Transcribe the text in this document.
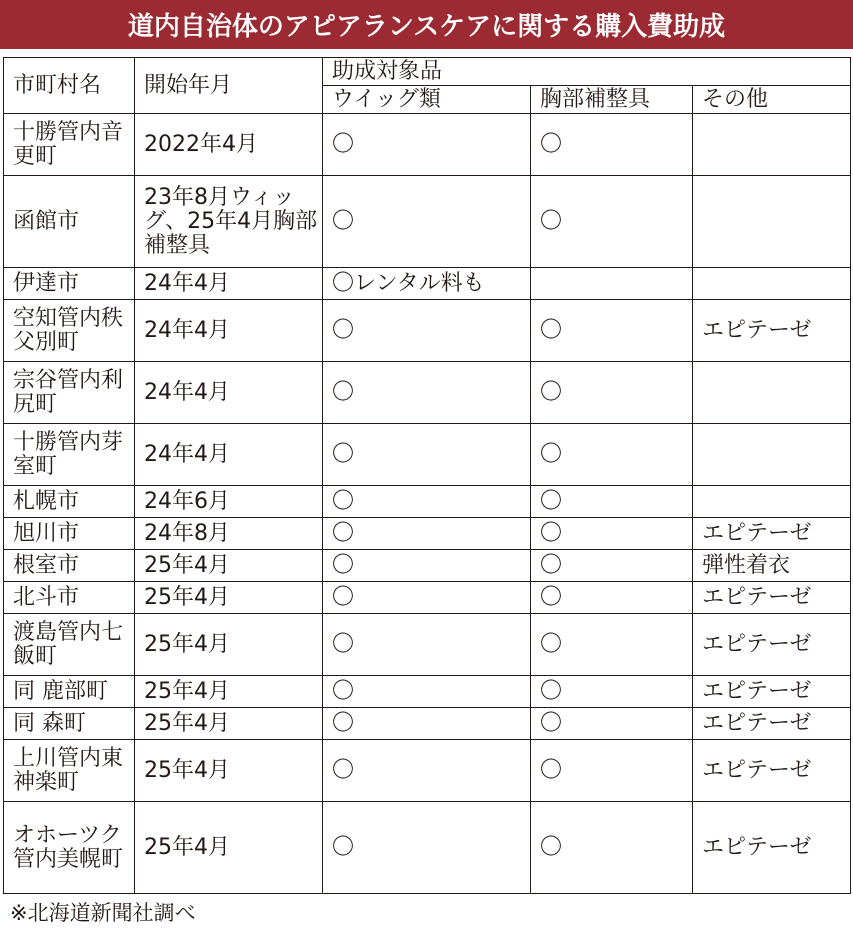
道内自治体のアピアランスケアに関する購入費助成
市町村名	開始年月	助成対象品		
		ウイッグ類	胸部補整具	その他
十勝管内音更町	2022年4月	〇	〇	
函館市	23年8月ウィッグ、25年4月胸部補整具	〇	〇	
伊達市	24年4月	〇レンタル料も		
空知管内秩父別町	24年4月	〇	〇	エピテーゼ
宗谷管内利尻町	24年4月	〇	〇	
十勝管内芽室町	24年4月	〇	〇	
札幌市	24年6月	〇	〇	
旭川市	24年8月	〇	〇	エピテーゼ
根室市	25年4月	〇	〇	弾性着衣
北斗市	25年4月	〇	〇	エピテーゼ
渡島管内七飯町	25年4月	〇	〇	エピテーゼ
同 鹿部町	25年4月	〇	〇	エピテーゼ
同 森町	25年4月	〇	〇	エピテーゼ
上川管内東神楽町	25年4月	〇	〇	エピテーゼ
オホーツク管内美幌町	25年4月	〇	〇	エピテーゼ
※北海道新聞社調べ
